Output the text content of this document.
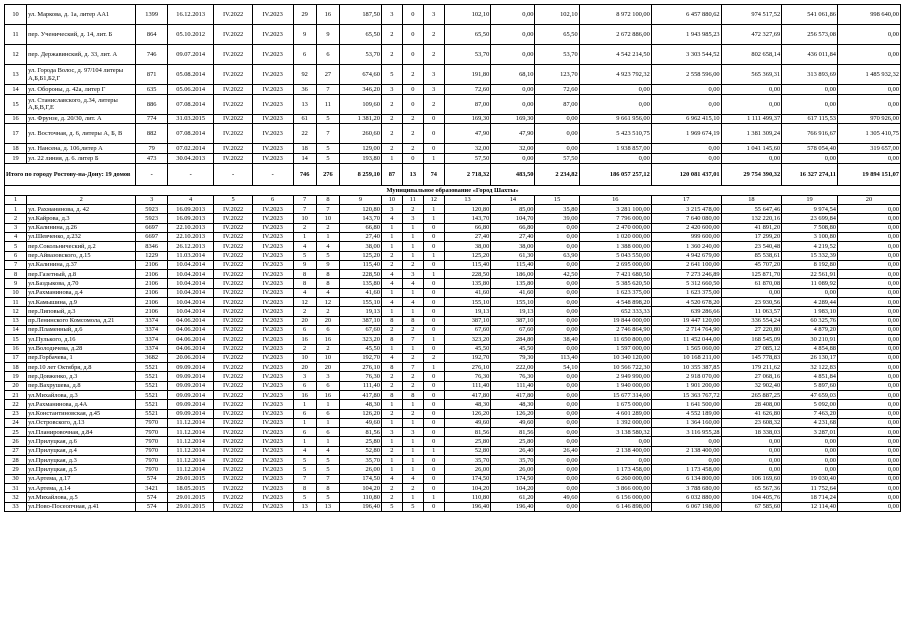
10	ул. Маркова, д. 1а, литер АА1	1399	16.12.2013	IV.2022	IV.2023	29	16	187,50	3	0	3	102,10	0,00	102,10	8 972 100,00	6 457 880,62	974 517,52	541 061,86	998 640,00
11	пер. Ученический, д. 14, лит. Б	864	05.10.2012	IV.2022	IV.2023	9	9	65,50	2	0	2	65,50	0,00	65,50	2 672 886,00	1 943 985,23	472 327,69	256 573,08	0,00
12	пер. Державинский, д. 33, лит. А	746	09.07.2014	IV.2022	IV.2023	6	6	53,70	2	0	2	53,70	0,00	53,70	4 542 214,50	3 303 544,52	802 658,14	436 011,84	0,00
13	ул. Города Волос, д. 97/104 литеры А,Б,Б1,Б2,Г	871	05.08.2014	IV.2022	IV.2023	92	27	674,60	5	2	3	191,80	68,10	123,70	4 923 792,32	2 558 596,00	565 369,31	313 893,69	1 485 932,32
14	ул. Обороны, д. 42а, литер Г	635	05.06.2014	IV.2022	IV.2023	36	7	346,20	3	0	3	72,60	0,00	72,60	0,00	0,00	0,00	0,00	0,00
15	ул. Станиславского, д.34, литеры А,Б,В,Г,Е	886	07.08.2014	IV.2022	IV.2023	13	11	109,60	2	0	2	87,00	0,00	87,00	0,00	0,00	0,00	0,00	0,00
16	ул. Фрунзе, д. 20/30, лит. А	774	31.03.2015	IV.2022	IV.2023	61	5	1 381,20	2	2	0	169,30	169,30	0,00	9 661 956,00	6 962 415,10	1 111 499,37	617 115,53	970 926,00
17	ул. Восточная, д. 6, литеры А, Б, В	882	07.08.2014	IV.2022	IV.2023	22	7	260,60	2	2	0	47,90	47,90	0,00	5 423 510,75	1 969 674,19	1 381 309,24	766 916,67	1 305 410,75
18	ул. Нансена, д. 106,литер А	79	07.02.2014	IV.2022	IV.2023	18	5	129,00	2	2	0	32,00	32,00	0,00	1 938 857,00	0,00	1 041 145,60	578 054,40	319 657,00
19	ул. 22 линия, д. 6. литер Б	473	30.04.2013	IV.2022	IV.2023	14	5	193,80	1	0	1	57,50	0,00	57,50	0,00	0,00	0,00	0,00	0,00
Итого по городу Ростову-на-Дону: 19 домов		-	-	-	-	746	276	8 259,10	87	13	74	2 718,32	483,50	2 234,82	186 057 257,12	120 081 437,01	29 754 390,32	16 327 274,11	19 894 151,07
Муниципальное образование «Город Шахты»																			
1	2	3	4	5	6	7	8	9	10	11	12	13	14	15	16	17	18	19	20
1	ул. Рахманинова, д. 42	5923	16.09.2013	IV.2022	IV.2023	7	7	120,80	3	2	1	120,80	85,00	35,80	3 281 100,00	3 215 478,00	55 647,46	9 974,54	0,00
2	ул.Кайрова, д.3	5923	16.09.2013	IV.2022	IV.2023	10	10	143,70	4	3	1	143,70	104,70	39,00	7 796 000,00	7 640 080,00	132 220,16	23 699,84	0,00
3	ул.Калинина, д.26	6697	22.10.2013	IV.2022	IV.2023	2	2	66,80	1	1	0	66,80	66,80	0,00	2 470 000,00	2 420 600,00	41 891,20	7 508,80	0,00
4	ул.Шевченко, д.232	6697	22.10.2013	IV.2022	IV.2023	1	1	27,40	1	1	0	27,40	27,40	0,00	1 020 000,00	999 600,00	17 299,20	3 100,80	0,00
5	пер.Сокольнический, д.2	8346	26.12.2013	IV.2022	IV.2023	4	4	38,00	1	1	0	38,00	38,00	0,00	1 388 000,00	1 360 240,00	23 540,48	4 219,52	0,00
6	пер.Айвазовского, д.15	1229	11.03.2014	IV.2022	IV.2023	5	5	125,20	2	1	1	125,20	61,30	63,90	5 043 550,00	4 942 679,00	85 538,61	15 332,39	0,00
7	ул.Калинина, д.37	2106	10.04.2014	IV.2022	IV.2023	9	9	115,40	2	2	0	115,40	115,40	0,00	2 695 000,00	2 641 100,00	45 707,20	8 192,80	0,00
8	пер.Газетный, д.8	2106	10.04.2014	IV.2022	IV.2023	8	8	228,50	4	3	1	228,50	186,00	42,50	7 421 680,50	7 273 246,89	125 871,70	22 561,91	0,00
9	ул.Баздыкова, д.70	2106	10.04.2014	IV.2022	IV.2023	8	8	135,80	4	4	0	135,80	135,80	0,00	5 385 620,50	5 312 660,50	61 870,08	11 089,92	0,00
10	ул.Рахманинова, д.4	2106	10.04.2014	IV.2022	IV.2023	4	4	41,60	1	1	0	41,60	41,60	0,00	1 623 375,00	1 623 375,00	0,00	0,00	0,00
11	ул.Камышина, д.9	2106	10.04.2014	IV.2022	IV.2023	12	12	155,10	4	4	0	155,10	155,10	0,00	4 548 898,20	4 520 678,20	23 930,56	4 289,44	0,00
12	пер.Липовый, д.3	2106	10.04.2014	IV.2022	IV.2023	2	2	19,13	1	1	0	19,13	19,13	0,00	652 333,33	639 286,66	11 063,57	1 983,10	0,00
13	пр.Ленинского Комсомола, д.21	3374	04.06.2014	IV.2022	IV.2023	20	20	387,10	8	8	0	387,10	387,10	0,00	19 844 000,00	19 447 120,00	336 554,24	60 325,76	0,00
14	пер.Пламенный, д.6	3374	04.06.2014	IV.2022	IV.2023	6	6	67,60	2	2	0	67,60	67,60	0,00	2 746 864,90	2 714 764,90	27 220,80	4 879,20	0,00
15	ул.Пулького, д.16	3374	04.06.2014	IV.2022	IV.2023	16	16	323,20	8	7	1	323,20	284,80	38,40	11 650 800,00	11 452 044,00	168 545,09	30 210,91	0,00
16	ул.Володичева, д.28	3374	04.06.2014	IV.2022	IV.2023	2	2	45,50	1	1	0	45,50	45,50	0,00	1 597 000,00	1 565 060,00	27 085,12	4 854,88	0,00
17	пер.Горбачева, 1	3682	20.06.2014	IV.2022	IV.2023	10	10	192,70	4	2	2	192,70	79,30	113,40	10 340 120,00	10 168 211,00	145 778,83	26 130,17	0,00
18	пер.10 лет Октября, д.8	5521	09.09.2014	IV.2022	IV.2023	20	20	276,10	8	7	1	276,10	222,00	54,10	10 566 722,30	10 355 387,85	179 211,62	32 122,83	0,00
19	пер.Довженко, д.3	5521	09.09.2014	IV.2022	IV.2023	3	3	76,30	2	2	0	76,30	76,30	0,00	2 949 990,00	2 918 070,00	27 068,16	4 851,84	0,00
20	пер.Вахрушева, д.8	5521	09.09.2014	IV.2022	IV.2023	6	6	111,40	2	2	0	111,40	111,40	0,00	1 940 000,00	1 901 200,00	32 902,40	5 897,60	0,00
21	ул.Михайлова, д.3	5521	09.09.2014	IV.2022	IV.2023	16	16	417,80	8	8	0	417,80	417,80	0,00	15 677 314,00	15 363 767,72	265 887,25	47 659,03	0,00
22	ул.Рахманинова, д.4А	5521	09.09.2014	IV.2022	IV.2023	1	1	48,30	1	1	0	48,30	48,30	0,00	1 675 000,00	1 641 500,00	28 408,00	5 092,00	0,00
23	ул.Константиновская, д.45	5521	09.09.2014	IV.2022	IV.2023	6	6	126,20	2	2	0	126,20	126,20	0,00	4 601 289,00	4 552 189,00	41 626,80	7 463,20	0,00
24	ул.Островского, д.13	7970	11.12.2014	IV.2022	IV.2023	1	1	49,60	1	1	0	49,60	49,60	0,00	1 392 000,00	1 364 160,00	23 608,32	4 231,68	0,00
25	ул.Планировочная, д.84	7970	11.12.2014	IV.2022	IV.2023	6	6	81,56	3	3	0	81,56	81,56	0,00	3 138 580,32	3 116 955,28	18 338,03	3 287,01	0,00
26	ул.Прилуцкая, д.6	7970	11.12.2014	IV.2022	IV.2023	1	1	25,80	1	1	0	25,80	25,80	0,00	0,00	0,00	0,00	0,00	0,00
27	ул.Прилуцкая, д.4	7970	11.12.2014	IV.2022	IV.2023	4	4	52,80	2	1	1	52,80	26,40	26,40	2 138 400,00	2 138 400,00	0,00	0,00	0,00
28	ул.Прилуцкая, д.3	7970	11.12.2014	IV.2022	IV.2023	5	5	35,70	1	1	0	35,70	35,70	0,00	0,00	0,00	0,00	0,00	0,00
29	ул.Прилуцкая, д.5	7970	11.12.2014	IV.2022	IV.2023	5	5	26,00	1	1	0	26,00	26,00	0,00	1 173 458,00	1 173 458,00	0,00	0,00	0,00
30	ул.Артема, д.17	574	29.01.2015	IV.2022	IV.2023	7	7	174,50	4	4	0	174,50	174,50	0,00	6 260 000,00	6 134 800,00	106 169,60	19 030,40	0,00
31	ул.Артема, д.14	3421	18.05.2015	IV.2022	IV.2023	8	8	104,20	2	2	0	104,20	104,20	0,00	3 866 000,00	3 788 680,00	65 567,36	11 752,64	0,00
32	ул.Михайлова, д.5	574	29.01.2015	IV.2022	IV.2023	5	5	110,80	2	1	1	110,80	61,20	49,60	6 156 000,00	6 032 880,00	104 405,76	18 714,24	0,00
33	ул.Ново-Посеопчная, д.41	574	29.01.2015	IV.2022	IV.2023	13	13	196,40	5	5	0	196,40	196,40	0,00	6 146 898,00	6 067 198,00	67 585,60	12 114,40	0,00
